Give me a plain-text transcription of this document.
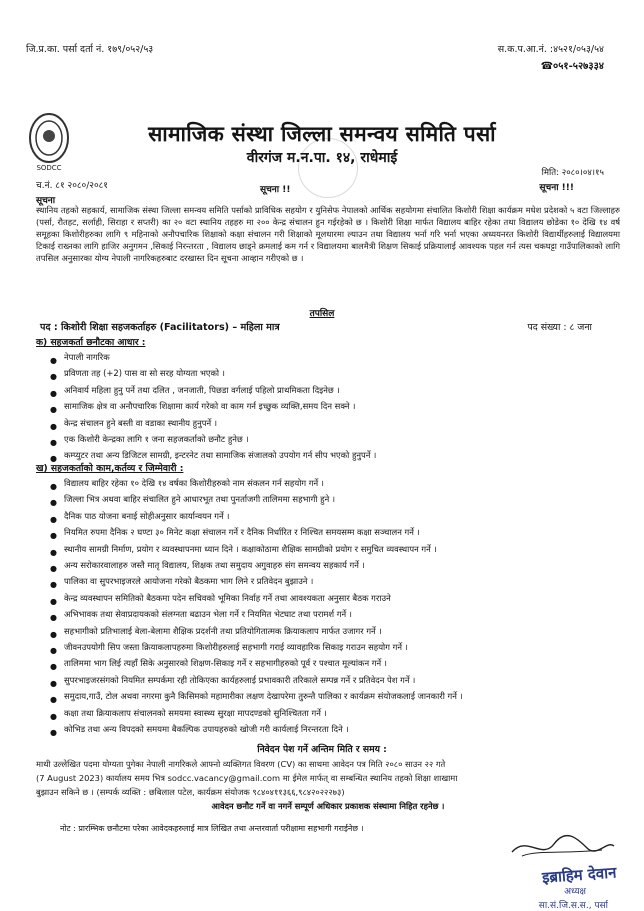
जि.प्र.का. पर्सा दर्ता नं. १७९/०५२/५३	स.क.प.आ.नं. :४५२१/०५३/५४
☎०५१-५२७३३४
SODCC
सामाजिक संस्था जिल्ला समन्वय समिति पर्सा
वीरगंज म.न.पा. १४, राधेमाई
मिति: २०८०।०४।१५
च.नं. ८१ २०८०/२०८१	सूचना !!	सूचना !!!
सूचना
स्थानिय तहको सहकार्य, सामाजिक संस्था जिल्ला समन्वय समिति पर्साको प्राविधिक सहयोग र युनिसेफ नेपालको आर्थिक सहयोगमा संचालित किशोरी शिक्षा कार्यक्रम मधेश प्रदेशको ५ वटा जिल्लाहरु (पर्सा, रौतहट, सर्लाही, सिराहा र सप्तरी) का २० वटा स्थानिय तहहरु मा २०० केन्द्र संचालन हुन गईरहेको छ । किशोरी शिक्षा मार्फत विद्यालय बाहिर रहेका तथा विद्यालय छोडेका १० देखि १४ वर्ष समूहका किशोरीहरुका लागि ९ महिनाको अनौपचारिक शिक्षाको कक्षा संचालन गरी शिक्षाको मूलधारमा ल्याउन तथा विद्यालय भर्ना गरि भर्ना भएका अध्ययनरत किशोरी विद्यार्थीहरुलाई विद्यालयमा टिकाई राख्नका लागि हाजिर अनुगमन ,सिकाई निरन्तरता , विद्यालय छाड्ने क्रमलाई कम गर्न र विद्यालयमा बालमैत्री शिक्षण सिकाई प्रक्रियालाई आवश्यक पहल गर्न त्यस चकघट्टा गाउँपालिकाको लागि तपसिल अनुसारका योग्य नेपाली नागरिकहरुबाट दरखास्त दिन सूचना आव्हान गरीएको छ ।
तपसिल
पद : किशोरी शिक्षा सहजकर्ताहरु (Facilitators) – महिला मात्र	पद संख्या : ८ जना
क) सहजकर्ता छनौटका आधार :
● नेपाली नागरिक
● प्रविणता तह (+2) पास वा सो सरह योग्यता भएको ।
● अनिवार्य महिला हुनु पर्ने तथा दलित , जनजाती, पिछडा वर्गलाई पहिलो प्राथमिकता दिइनेछ ।
● सामाजिक क्षेत्र वा अनौपचारिक शिक्षामा कार्य गरेको वा काम गर्न इच्छुक व्यक्ति,समय दिन सक्ने ।
● केन्द्र संचालन हुने बस्ती वा वडाका स्थानीय हुनुपर्ने ।
● एक किशोरी केन्द्रका लागि १ जना सहजकर्ताको छनौट हुनेछ ।
● कम्प्युटर तथा अन्य डिजिटल सामग्री, इन्टरनेट तथा सामाजिक संजालको उपयोग गर्न सीप भएको हुनुपर्ने ।
ख) सहजकर्ताको काम,कर्तव्य र जिम्मेवारी :
● विद्यालय बाहिर रहेका १० देखि १४ वर्षका किशोरीहरुको नाम संकलन गर्न सहयोग गर्ने ।
● जिल्ला भित्र अथवा बाहिर संचालित हुने आधारभूत तथा पुनर्ताजगी तालिममा सहभागी हुने ।
● दैनिक पाठ योजना बनाई सोहीअनुसार कार्यान्वयन गर्ने ।
● नियमित रुपमा दैनिक २ घण्टा ३० मिनेट कक्षा संचालन गर्ने र दैनिक निर्धारित र निश्चित समयसम्म कक्षा सञ्चालन गर्ने ।
● स्थानीय सामग्री निर्माण, प्रयोग र व्यवस्थापनमा ध्यान दिने । कक्षाकोठामा शैक्षिक सामग्रीको प्रयोग र समुचित व्यवस्थापन गर्ने ।
● अन्य सरोकारवालाहरु जस्तै मातृ विद्यालय, शिक्षक तथा समुदाय अगुवाहरु संग समन्वय सहकार्य गर्ने ।
● पालिका वा सुपरभाइजरले आयोजना गरेको बैठकमा भाग लिने र प्रतिवेदन बुझाउने ।
● केन्द्र व्यवस्थापन समितिको बैठकमा पदेन सचिवको भूमिका निर्वाह गर्ने तथा आवश्यकता अनुसार बैठक गराउने
● अभिभावक तथा सेवाप्रदायकको संलग्नता बढाउन भेला गर्ने र नियमित भेटघाट तथा परामर्श गर्ने ।
● सहभागीको प्रतिभालाई बेला-बेलामा शैक्षिक प्रदर्शनी तथा प्रतियोगितात्मक क्रियाकलाप मार्फत उजागर गर्ने ।
● जीवनउपयोगी सिप जस्ता क्रियाकलापहरुमा किशोरीहरुलाई सहभागी गराई व्यावहारिक सिकाइ गराउन सहयोग गर्ने ।
● तालिममा भाग लिई त्यहाँ सिके अनुसारको शिक्षण-सिकाइ गर्ने र सहभागीहरुको पूर्व र पश्चात मूल्यांकन गर्ने ।
● सुपरभाइजरसंगको नियमित सम्पर्कमा रही तोकिएका कार्यहरुलाई प्रभावकारी तरिकाले सम्पन्न गर्ने र प्रतिवेदन पेश गर्ने ।
● समुदाय,गाउँ, टोल अथवा नगरमा कुनै किसिमको महामारीका लक्षण देखापरेमा तुरुन्तै पालिका र कार्यक्रम संयोजकलाई जानकारी गर्ने ।
● कक्षा तथा क्रियाकलाप संचालनको समयमा स्वास्थ्य सुरक्षा मापदण्डको सुनिश्चितता गर्ने ।
● कोभिड तथा अन्य विपदको समयमा बैकल्पिक उपायहरुको खोजी गरी कार्यलाई निरन्तरता दिने ।
निवेदन पेश गर्ने अन्तिम मिति र समय :
माथी उल्लेखित पदमा योग्यता पुगेका नेपाली नागरिकले आफ्नो व्यक्तिगत विवरण (CV) का साथमा आवेदन पत्र मिति २०८० साउन २२ गते
(7 August 2023) कार्यालय समय भित्र sodcc.vacancy@gmail.com मा ईमेल मार्फत् वा सम्बन्धित स्थानिय तहको शिक्षा शाखामा
बुझाउन सकिने छ । (सम्पर्क व्यक्ति : छबिलाल पटेल, कार्यक्रम संयोजक ९८४०४११३६६,९८४२०२२२७३)
आवेदन छनौट गर्ने वा नगर्ने सम्पूर्ण अधिकार प्रकाशक संस्थामा निहित रहनेछ ।
नोट : प्रारम्भिक छनौटमा परेका आवेदकहरुलाई मात्र लिखित तथा अन्तरवार्ता परीक्षामा सहभागी गराईनेछ ।
इब्राहिम देवान
अध्यक्ष
सा.सं.जि.स.स., पर्सा
